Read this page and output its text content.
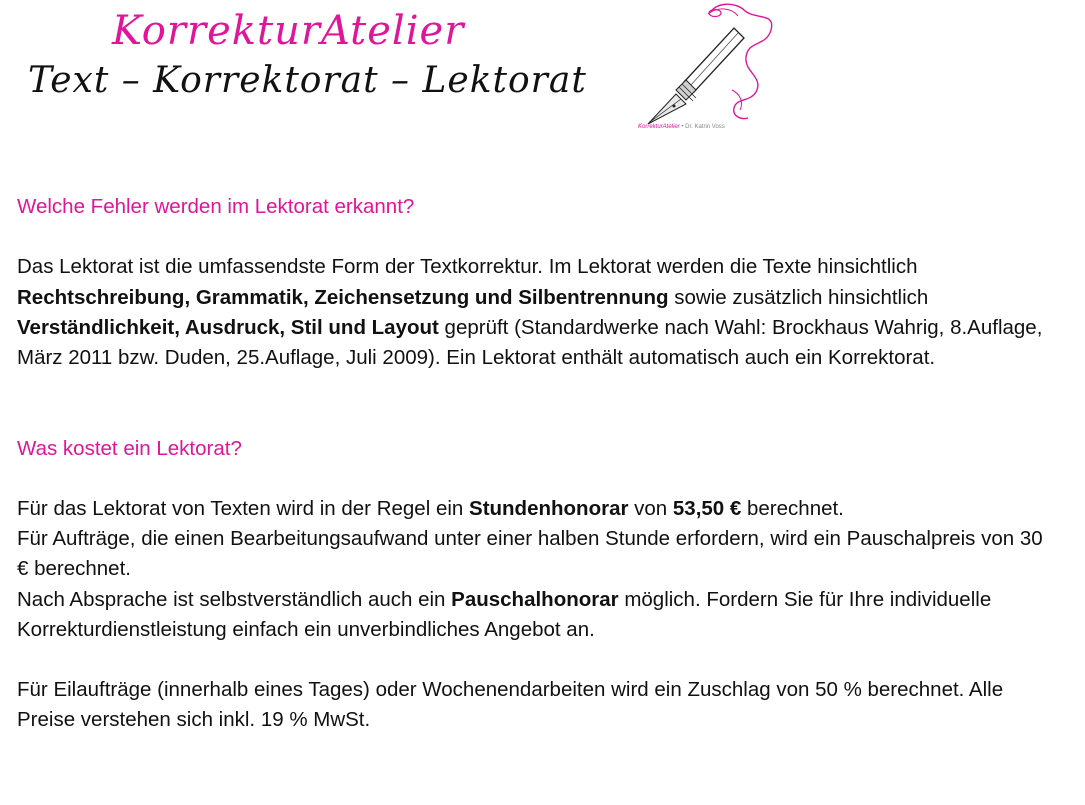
KorrekturAtelier
Text – Korrektorat – Lektorat
KorrekturAtelier • Dr. Katrin Voss

Welche Fehler werden im Lektorat erkannt?

Das Lektorat ist die umfassendste Form der Textkorrektur. Im Lektorat werden die Texte hinsichtlich Rechtschreibung, Grammatik, Zeichensetzung und Silbentrennung sowie zusätzlich hinsichtlich Verständlichkeit, Ausdruck, Stil und Layout geprüft (Standardwerke nach Wahl: Brockhaus Wahrig, 8.Auflage, März 2011 bzw. Duden, 25.Auflage, Juli 2009). Ein Lektorat enthält automatisch auch ein Korrektorat.

Was kostet ein Lektorat?

Für das Lektorat von Texten wird in der Regel ein Stundenhonorar von 53,50 € berechnet.

Für Aufträge, die einen Bearbeitungsaufwand unter einer halben Stunde erfordern, wird ein Pauschalpreis von 30 € berechnet.

Nach Absprache ist selbstverständlich auch ein Pauschalhonorar möglich. Fordern Sie für Ihre individuelle Korrekturdienstleistung einfach ein unverbindliches Angebot an.

Für Eilaufträge (innerhalb eines Tages) oder Wochenendarbeiten wird ein Zuschlag von 50 % berechnet. Alle Preise verstehen sich inkl. 19 % MwSt.
